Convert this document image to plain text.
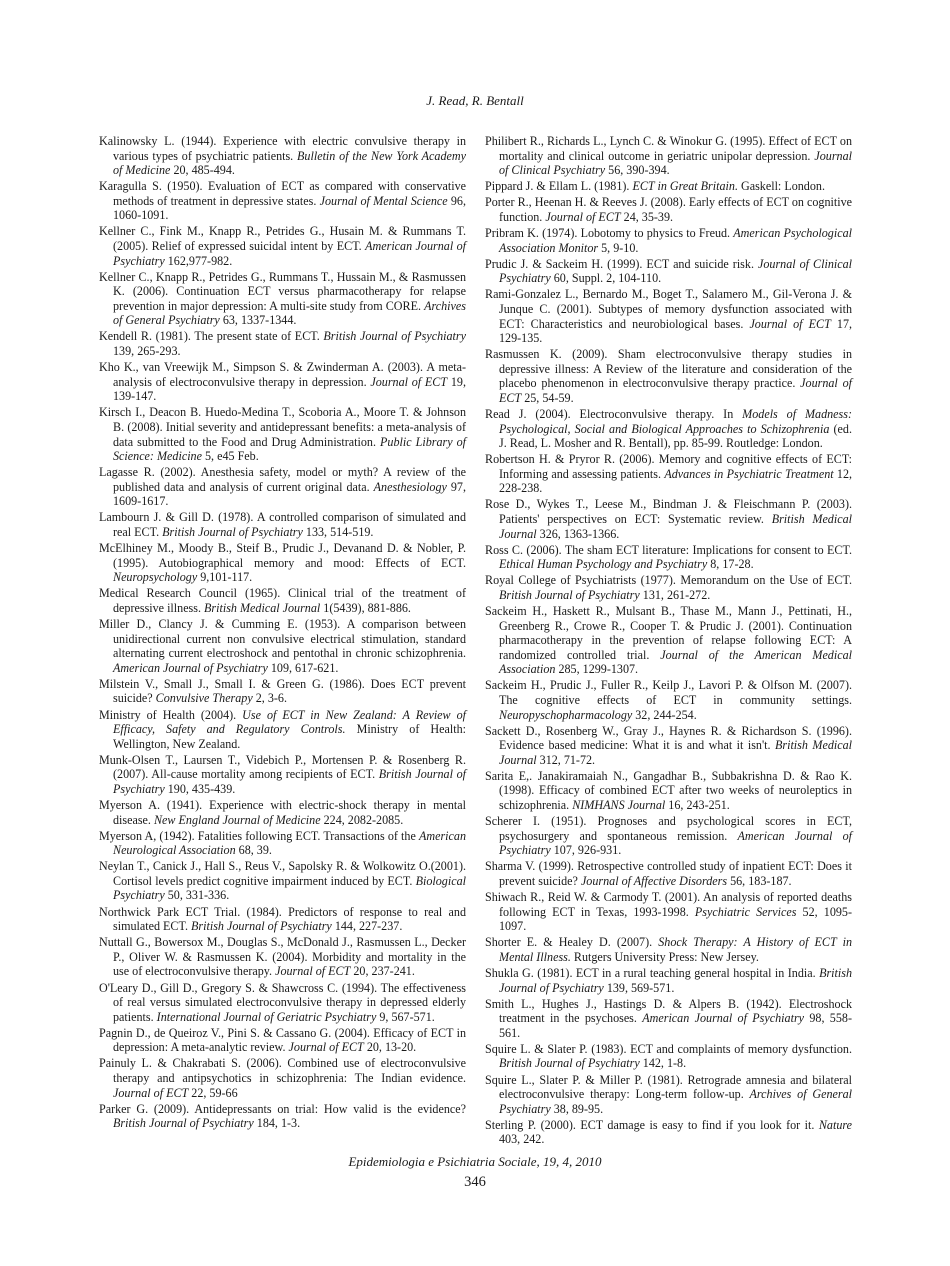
J. Read, R. Bentall

Kalinowsky L. (1944). Experience with electric convulsive therapy in various types of psychiatric patients. Bulletin of the New York Academy of Medicine 20, 485-494.

Karagulla S. (1950). Evaluation of ECT as compared with conservative methods of treatment in depressive states. Journal of Mental Science 96, 1060-1091.

Kellner C., Fink M., Knapp R., Petrides G., Husain M. & Rummans T. (2005). Relief of expressed suicidal intent by ECT. American Journal of Psychiatry 162,977-982.

Kellner C., Knapp R., Petrides G., Rummans T., Hussain M., & Rasmussen K. (2006). Continuation ECT versus pharmacotherapy for relapse prevention in major depression: A multi-site study from CORE. Archives of General Psychiatry 63, 1337-1344.

Kendell R. (1981). The present state of ECT. British Journal of Psychiatry 139, 265-293.

Kho K., van Vreewijk M., Simpson S. & Zwinderman A. (2003). A meta-analysis of electroconvulsive therapy in depression. Journal of ECT 19, 139-147.

Kirsch I., Deacon B. Huedo-Medina T., Scoboria A., Moore T. & Johnson B. (2008). Initial severity and antidepressant benefits: a meta-analysis of data submitted to the Food and Drug Administration. Public Library of Science: Medicine 5, e45 Feb.

Lagasse R. (2002). Anesthesia safety, model or myth? A review of the published data and analysis of current original data. Anesthesiology 97, 1609-1617.

Lambourn J. & Gill D. (1978). A controlled comparison of simulated and real ECT. British Journal of Psychiatry 133, 514-519.

McElhiney M., Moody B., Steif B., Prudic J., Devanand D. & Nobler, P. (1995). Autobiographical memory and mood: Effects of ECT. Neuropsychology 9,101-117.

Medical Research Council (1965). Clinical trial of the treatment of depressive illness. British Medical Journal 1(5439), 881-886.

Miller D., Clancy J. & Cumming E. (1953). A comparison between unidirectional current non convulsive electrical stimulation, standard alternating current electroshock and pentothal in chronic schizophrenia. American Journal of Psychiatry 109, 617-621.

Milstein V., Small J., Small I. & Green G. (1986). Does ECT prevent suicide? Convulsive Therapy 2, 3-6.

Ministry of Health (2004). Use of ECT in New Zealand: A Review of Efficacy, Safety and Regulatory Controls. Ministry of Health: Wellington, New Zealand.

Munk-Olsen T., Laursen T., Videbich P., Mortensen P. & Rosenberg R. (2007). All-cause mortality among recipients of ECT. British Journal of Psychiatry 190, 435-439.

Myerson A. (1941). Experience with electric-shock therapy in mental disease. New England Journal of Medicine 224, 2082-2085.

Myerson A, (1942). Fatalities following ECT. Transactions of the American Neurological Association 68, 39.

Neylan T., Canick J., Hall S., Reus V., Sapolsky R. & Wolkowitz O.(2001). Cortisol levels predict cognitive impairment induced by ECT. Biological Psychiatry 50, 331-336.

Northwick Park ECT Trial. (1984). Predictors of response to real and simulated ECT. British Journal of Psychiatry 144, 227-237.

Nuttall G., Bowersox M., Douglas S., McDonald J., Rasmussen L., Decker P., Oliver W. & Rasmussen K. (2004). Morbidity and mortality in the use of electroconvulsive therapy. Journal of ECT 20, 237-241.

O'Leary D., Gill D., Gregory S. & Shawcross C. (1994). The effectiveness of real versus simulated electroconvulsive therapy in depressed elderly patients. International Journal of Geriatric Psychiatry 9, 567-571.

Pagnin D., de Queiroz V., Pini S. & Cassano G. (2004). Efficacy of ECT in depression: A meta-analytic review. Journal of ECT 20, 13-20.

Painuly L. & Chakrabati S. (2006). Combined use of electroconvulsive therapy and antipsychotics in schizophrenia: The Indian evidence. Journal of ECT 22, 59-66

Parker G. (2009). Antidepressants on trial: How valid is the evidence? British Journal of Psychiatry 184, 1-3.

Philibert R., Richards L., Lynch C. & Winokur G. (1995). Effect of ECT on mortality and clinical outcome in geriatric unipolar depression. Journal of Clinical Psychiatry 56, 390-394.

Pippard J. & Ellam L. (1981). ECT in Great Britain. Gaskell: London.

Porter R., Heenan H. & Reeves J. (2008). Early effects of ECT on cognitive function. Journal of ECT 24, 35-39.

Pribram K. (1974). Lobotomy to physics to Freud. American Psychological Association Monitor 5, 9-10.

Prudic J. & Sackeim H. (1999). ECT and suicide risk. Journal of Clinical Psychiatry 60, Suppl. 2, 104-110.

Rami-Gonzalez L., Bernardo M., Boget T., Salamero M., Gil-Verona J. & Junque C. (2001). Subtypes of memory dysfunction associated with ECT: Characteristics and neurobiological bases. Journal of ECT 17, 129-135.

Rasmussen K. (2009). Sham electroconvulsive therapy studies in depressive illness: A Review of the literature and consideration of the placebo phenomenon in electroconvulsive therapy practice. Journal of ECT 25, 54-59.

Read J. (2004). Electroconvulsive therapy. In Models of Madness: Psychological, Social and Biological Approaches to Schizophrenia (ed. J. Read, L. Mosher and R. Bentall), pp. 85-99. Routledge: London.

Robertson H. & Pryror R. (2006). Memory and cognitive effects of ECT: Informing and assessing patients. Advances in Psychiatric Treatment 12, 228-238.

Rose D., Wykes T., Leese M., Bindman J. & Fleischmann P. (2003). Patients' perspectives on ECT: Systematic review. British Medical Journal 326, 1363-1366.

Ross C. (2006). The sham ECT literature: Implications for consent to ECT. Ethical Human Psychology and Psychiatry 8, 17-28.

Royal College of Psychiatrists (1977). Memorandum on the Use of ECT. British Journal of Psychiatry 131, 261-272.

Sackeim H., Haskett R., Mulsant B., Thase M., Mann J., Pettinati, H., Greenberg R., Crowe R., Cooper T. & Prudic J. (2001). Continuation pharmacotherapy in the prevention of relapse following ECT: A randomized controlled trial. Journal of the American Medical Association 285, 1299-1307.

Sackeim H., Prudic J., Fuller R., Keilp J., Lavori P. & Olfson M. (2007). The cognitive effects of ECT in community settings. Neuropyschopharmacology 32, 244-254.

Sackett D., Rosenberg W., Gray J., Haynes R. & Richardson S. (1996). Evidence based medicine: What it is and what it isn't. British Medical Journal 312, 71-72.

Sarita E,. Janakiramaiah N., Gangadhar B., Subbakrishna D. & Rao K. (1998). Efficacy of combined ECT after two weeks of neuroleptics in schizophrenia. NIMHANS Journal 16, 243-251.

Scherer I. (1951). Prognoses and psychological scores in ECT, psychosurgery and spontaneous remission. American Journal of Psychiatry 107, 926-931.

Sharma V. (1999). Retrospective controlled study of inpatient ECT: Does it prevent suicide? Journal of Affective Disorders 56, 183-187.

Shiwach R., Reid W. & Carmody T. (2001). An analysis of reported deaths following ECT in Texas, 1993-1998. Psychiatric Services 52, 1095-1097.

Shorter E. & Healey D. (2007). Shock Therapy: A History of ECT in Mental Illness. Rutgers University Press: New Jersey.

Shukla G. (1981). ECT in a rural teaching general hospital in India. British Journal of Psychiatry 139, 569-571.

Smith L., Hughes J., Hastings D. & Alpers B. (1942). Electroshock treatment in the psychoses. American Journal of Psychiatry 98, 558-561.

Squire L. & Slater P. (1983). ECT and complaints of memory dysfunction. British Journal of Psychiatry 142, 1-8.

Squire L., Slater P. & Miller P. (1981). Retrograde amnesia and bilateral electroconvulsive therapy: Long-term follow-up. Archives of General Psychiatry 38, 89-95.

Sterling P. (2000). ECT damage is easy to find if you look for it. Nature 403, 242.

Epidemiologia e Psichiatria Sociale, 19, 4, 2010
346
